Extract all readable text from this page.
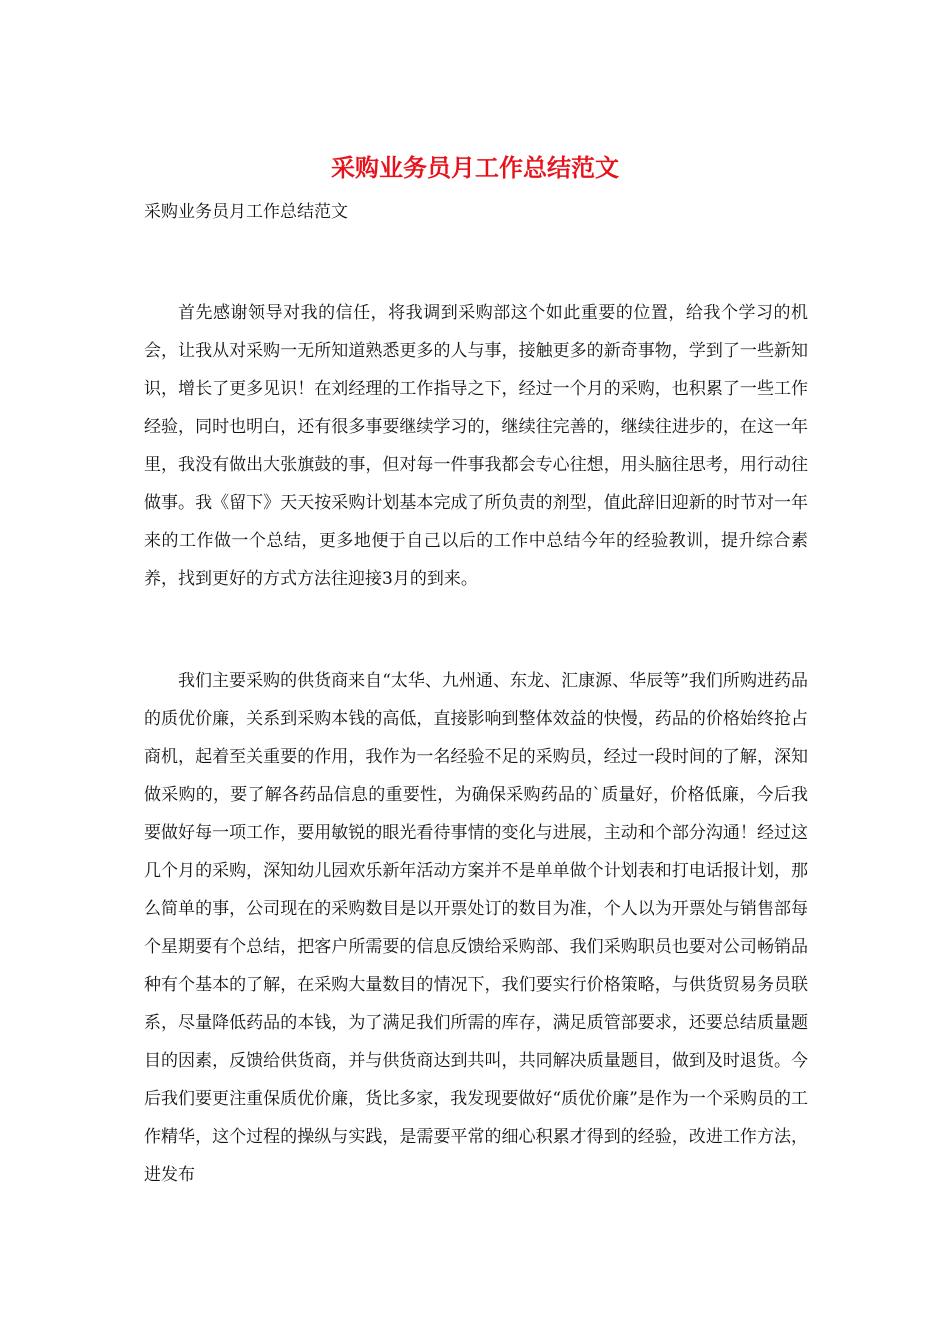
采购业务员月工作总结范文

采购业务员月工作总结范文

首先感谢领导对我的信任，将我调到采购部这个如此重要的位置，给我个学习的机会，让我从对采购一无所知道熟悉更多的人与事，接触更多的新奇事物，学到了一些新知识，增长了更多见识！在刘经理的工作指导之下，经过一个月的采购，也积累了一些工作经验，同时也明白，还有很多事要继续学习的，继续往完善的，继续往进步的，在这一年里，我没有做出大张旗鼓的事，但对每一件事我都会专心往想，用头脑往思考，用行动往做事。我《留下》天天按采购计划基本完成了所负责的剂型，值此辞旧迎新的时节对一年来的工作做一个总结，更多地便于自己以后的工作中总结今年的经验教训，提升综合素养，找到更好的方式方法往迎接3月的到来。

我们主要采购的供货商来自“太华、九州通、东龙、汇康源、华辰等”我们所购进药品的质优价廉，关系到采购本钱的高低，直接影响到整体效益的快慢，药品的价格始终抢占商机，起着至关重要的作用，我作为一名经验不足的采购员，经过一段时间的了解，深知做采购的，要了解各药品信息的重要性，为确保采购药品的`质量好，价格低廉，今后我要做好每一项工作，要用敏锐的眼光看待事情的变化与进展，主动和个部分沟通！经过这几个月的采购，深知幼儿园欢乐新年活动方案并不是单单做个计划表和打电话报计划，那么简单的事，公司现在的采购数目是以开票处订的数目为准，个人以为开票处与销售部每个星期要有个总结，把客户所需要的信息反馈给采购部、我们采购职员也要对公司畅销品种有个基本的了解，在采购大量数目的情况下，我们要实行价格策略，与供货贸易务员联系，尽量降低药品的本钱，为了满足我们所需的库存，满足质管部要求，还要总结质量题目的因素，反馈给供货商，并与供货商达到共叫，共同解决质量题目，做到及时退货。今后我们要更注重保质优价廉，货比多家，我发现要做好“质优价廉”是作为一个采购员的工作精华，这个过程的操纵与实践，是需要平常的细心积累才得到的经验，改进工作方法，进发布
